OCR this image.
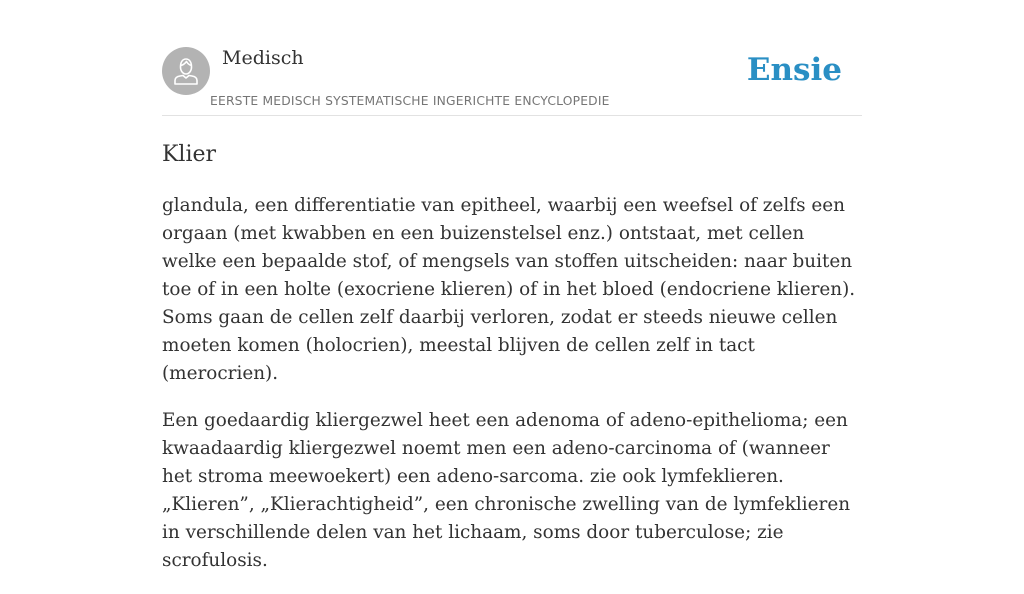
Medisch
EERSTE MEDISCH SYSTEMATISCHE INGERICHTE ENCYCLOPEDIE
Ensie
Klier

glandula, een differentiatie van epitheel, waarbij een weefsel of zelfs een orgaan (met kwabben en een buizenstelsel enz.) ontstaat, met cellen welke een bepaalde stof, of mengsels van stoffen uitscheiden: naar buiten toe of in een holte (exocriene klieren) of in het bloed (endocriene klieren). Soms gaan de cellen zelf daarbij verloren, zodat er steeds nieuwe cellen moeten komen (holocrien), meestal blijven de cellen zelf in tact (merocrien).

Een goedaardig kliergezwel heet een adenoma of adeno-epithelioma; een kwaadaardig kliergezwel noemt men een adeno-carcinoma of (wanneer het stroma meewoekert) een adeno-sarcoma. zie ook lymfeklieren.„Klieren”, „Klierachtigheid”, een chronische zwelling van de lymfeklieren in verschillende delen van het lichaam, soms door tuberculose; zie scrofulosis.
